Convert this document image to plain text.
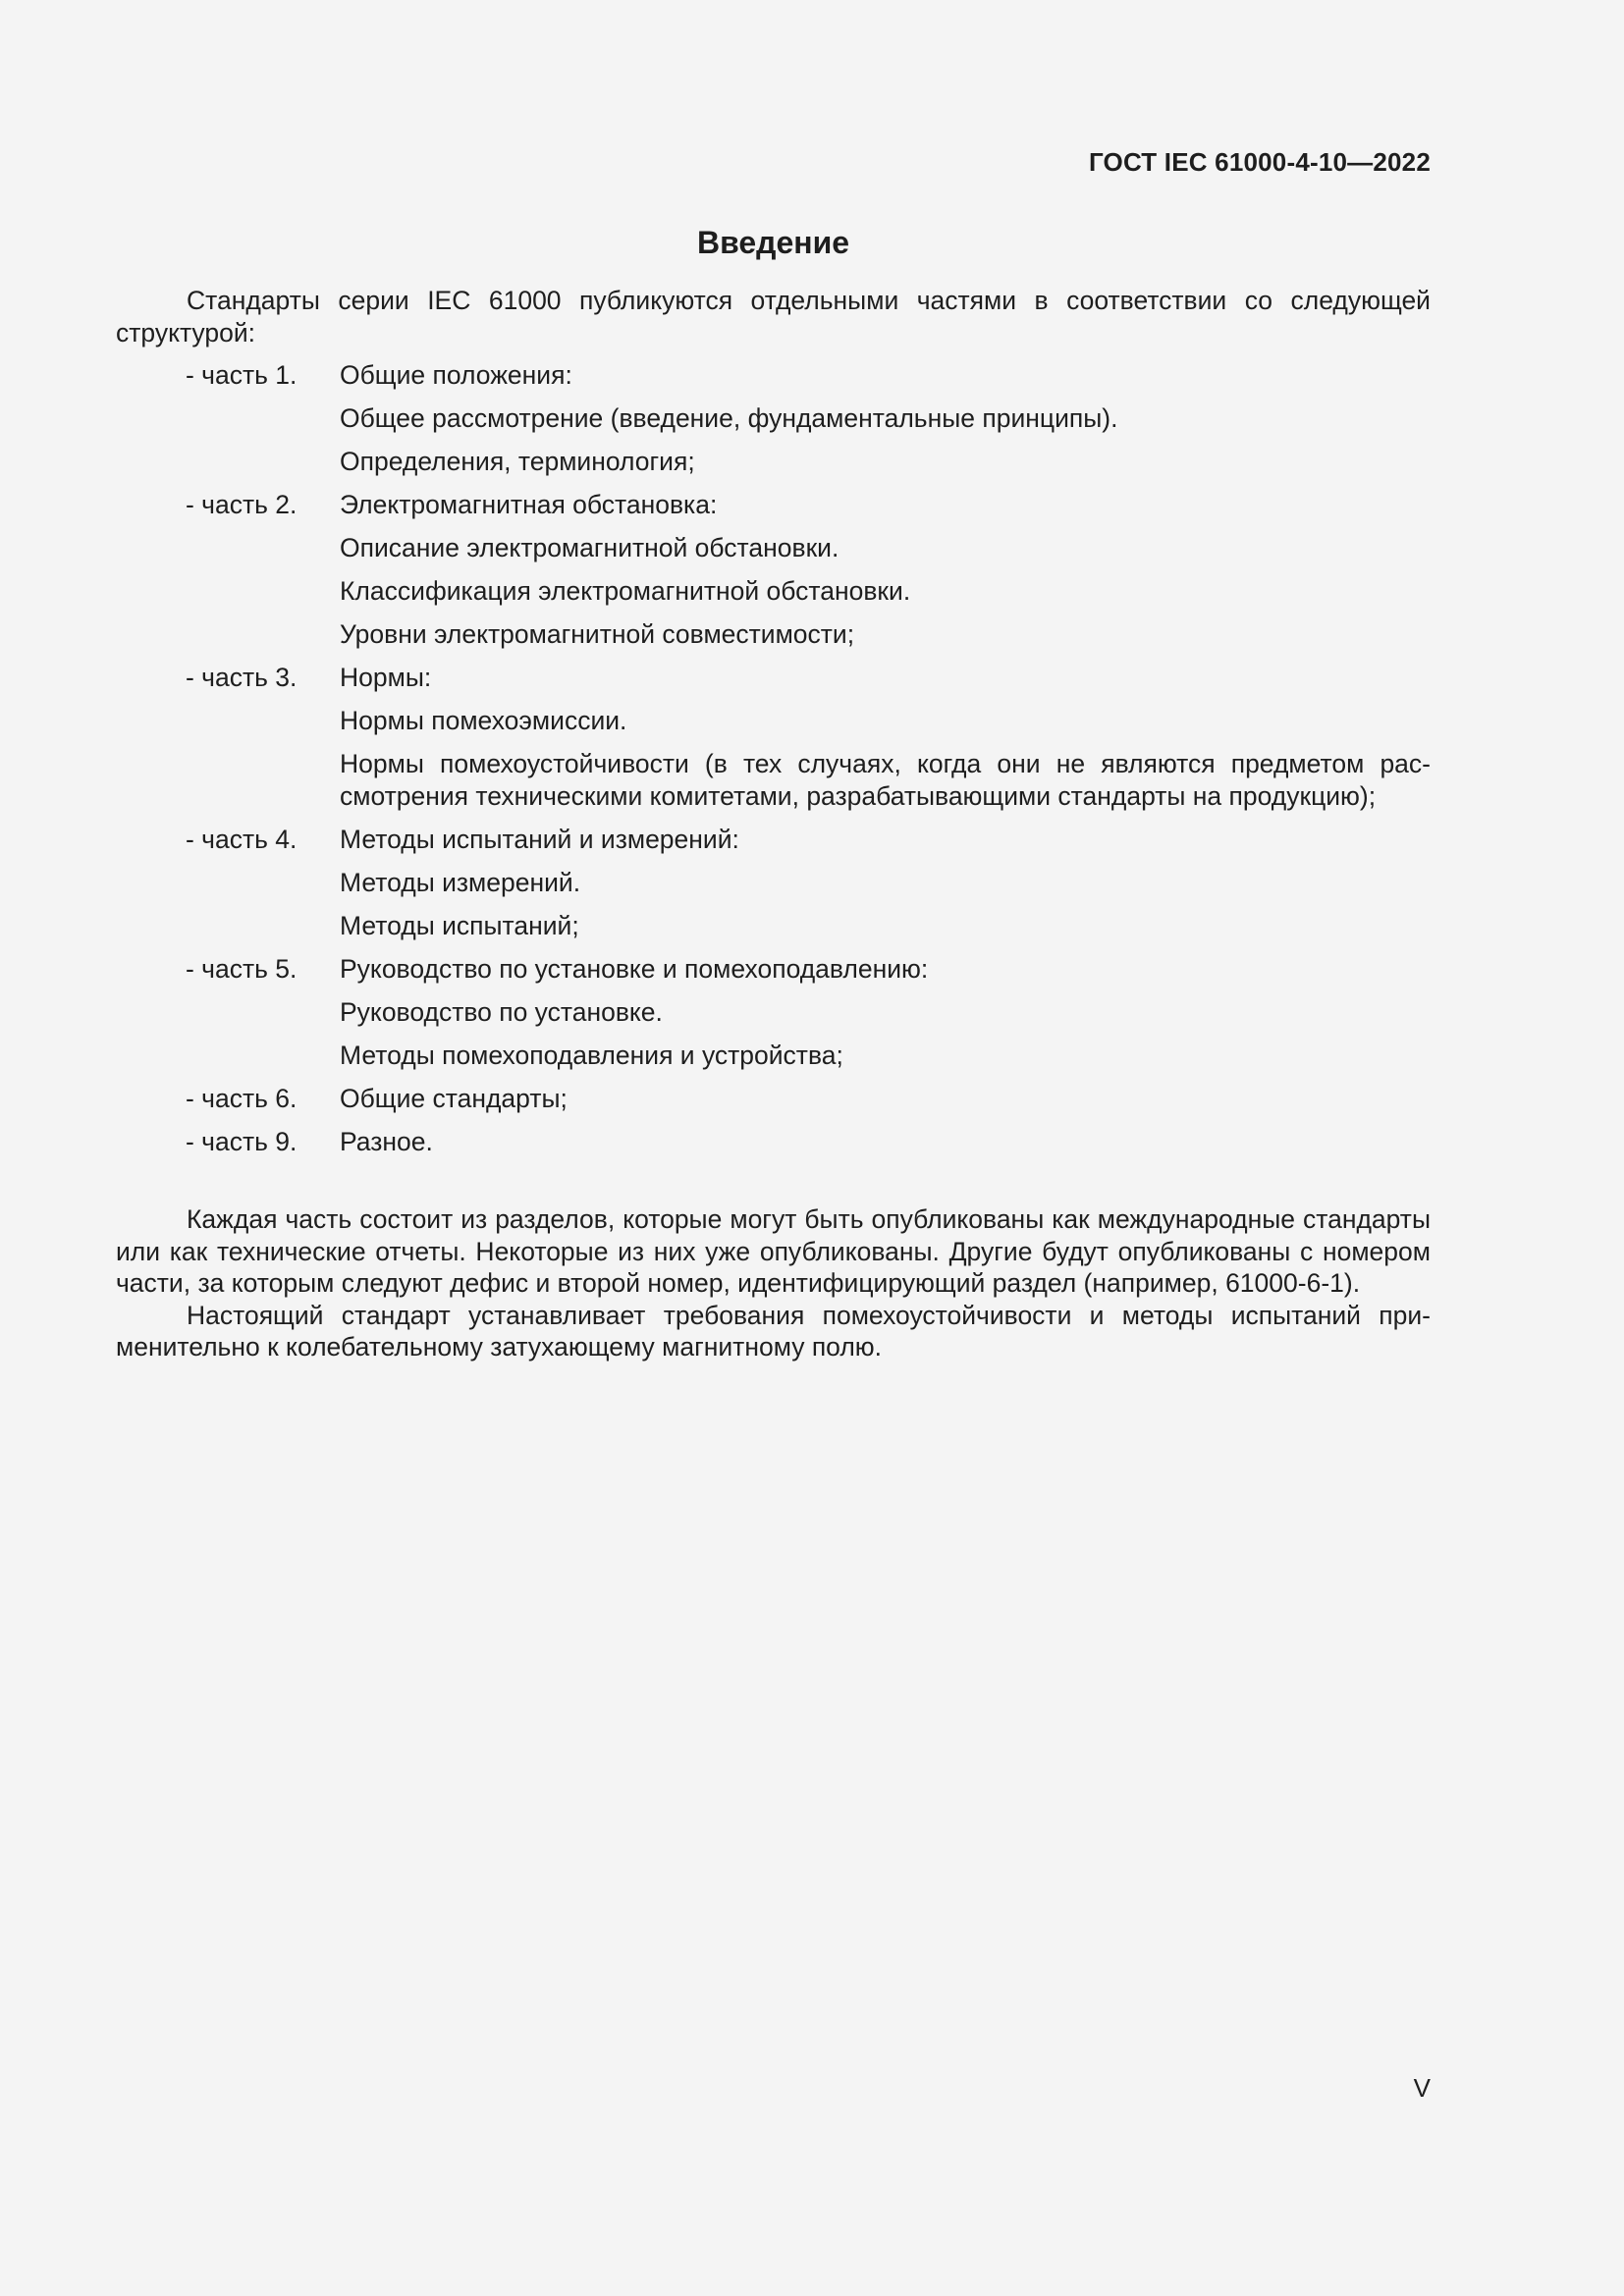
ГОСТ IEC 61000-4-10—2022
Введение

Стандарты серии IEC 61000 публикуются отдельными частями в соответствии со следующей структурой:

- часть 1.	Общие положения:

Общее рассмотрение (введение, фундаментальные принципы).

Определения, терминология;

- часть 2.	Электромагнитная обстановка:

Описание электромагнитной обстановки.

Классификация электромагнитной обстановки.

Уровни электромагнитной совместимости;

- часть 3.	Нормы:

Нормы помехоэмиссии.

Нормы помехоустойчивости (в тех случаях, когда они не являются предметом рассмотрения техническими комитетами, разрабатывающими стандарты на продукцию);

- часть 4.	Методы испытаний и измерений:

Методы измерений.

Методы испытаний;

- часть 5.	Руководство по установке и помехоподавлению:

Руководство по установке.

Методы помехоподавления и устройства;

- часть 6.	Общие стандарты;

- часть 9.	Разное.

Каждая часть состоит из разделов, которые могут быть опубликованы как международные стандарты или как технические отчеты. Некоторые из них уже опубликованы. Другие будут опубликованы с номером части, за которым следуют дефис и второй номер, идентифицирующий раздел (например, 61000-6-1).

Настоящий стандарт устанавливает требования помехоустойчивости и методы испытаний применительно к колебательному затухающему магнитному полю.

V
